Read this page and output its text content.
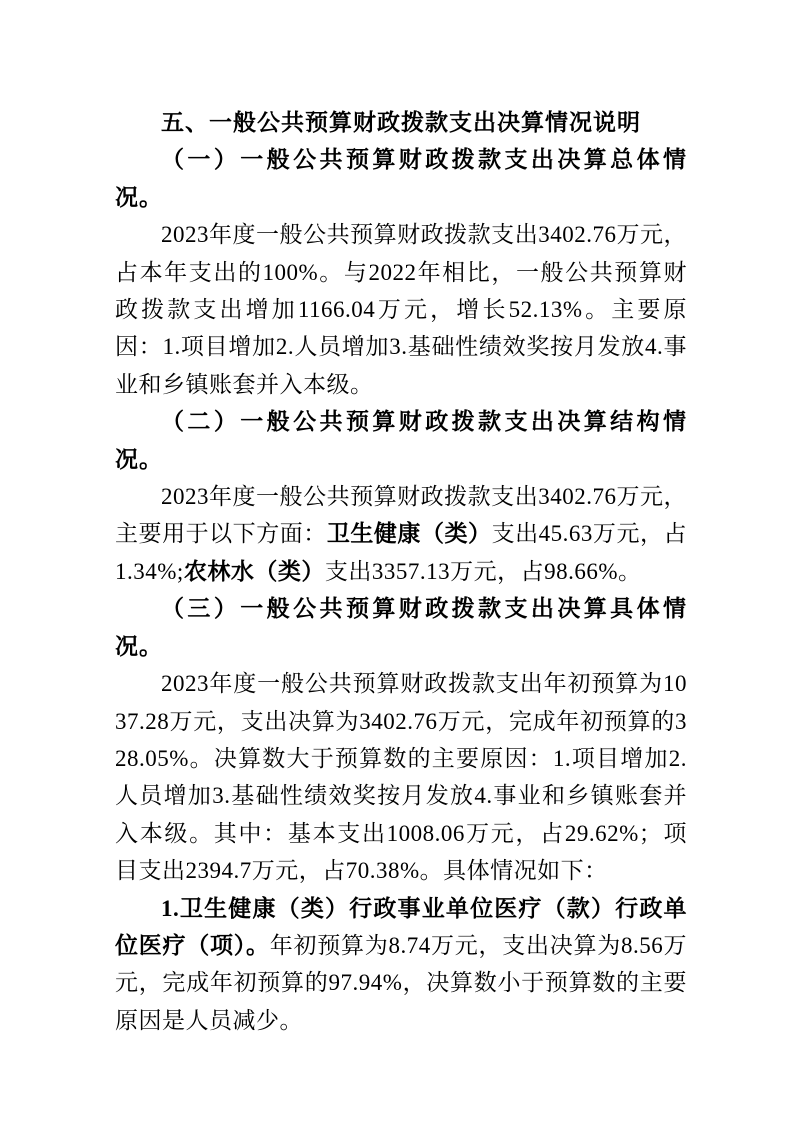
五、一般公共预算财政拨款支出决算情况说明
（一）一般公共预算财政拨款支出决算总体情况。

2023年度一般公共预算财政拨款支出3402.76万元，占本年支出的100%。与2022年相比，一般公共预算财政拨款支出增加1166.04万元，增长52.13%。主要原因：1.项目增加2.人员增加3.基础性绩效奖按月发放4.事业和乡镇账套并入本级。

（二）一般公共预算财政拨款支出决算结构情况。

2023年度一般公共预算财政拨款支出3402.76万元，主要用于以下方面：卫生健康（类）支出45.63万元，占1.34%;农林水（类）支出3357.13万元，占98.66%。

（三）一般公共预算财政拨款支出决算具体情况。

2023年度一般公共预算财政拨款支出年初预算为1037.28万元，支出决算为3402.76万元，完成年初预算的328.05%。决算数大于预算数的主要原因：1.项目增加2.人员增加3.基础性绩效奖按月发放4.事业和乡镇账套并入本级。其中：基本支出1008.06万元，占29.62%；项目支出2394.7万元，占70.38%。具体情况如下：

1.卫生健康（类）行政事业单位医疗（款）行政单位医疗（项）。年初预算为8.74万元，支出决算为8.56万元，完成年初预算的97.94%，决算数小于预算数的主要原因是人员减少。
